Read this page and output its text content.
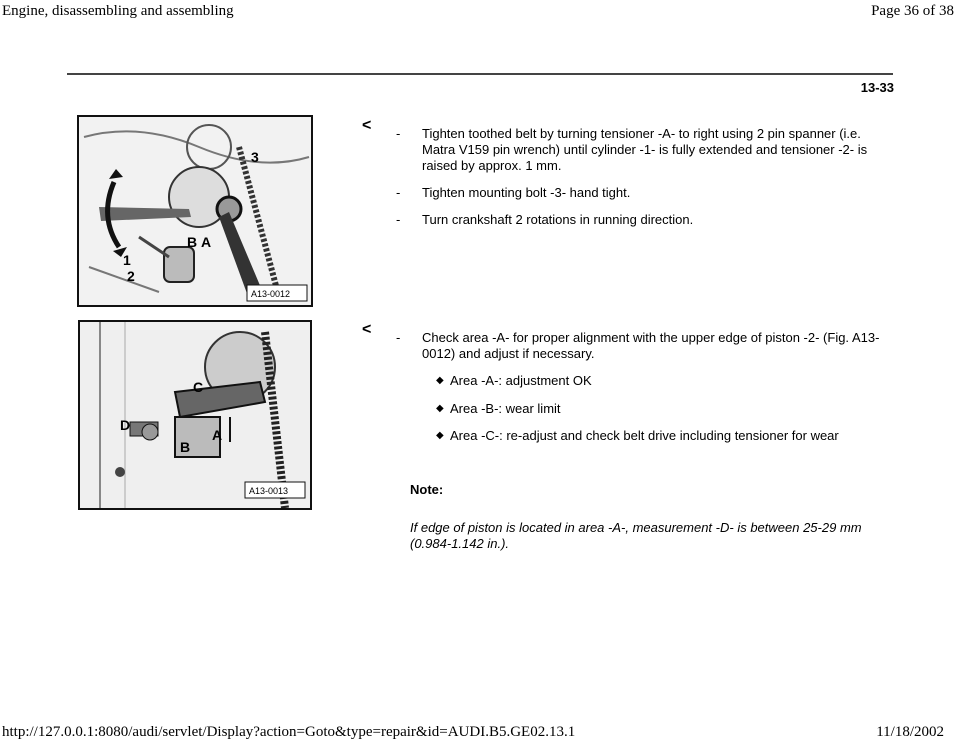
Engine, disassembling and assembling	Page 36 of 38
13-33
A13-0012
3
B A
1
2
< - Tighten toothed belt by turning tensioner -A- to right using 2 pin spanner (i.e. Matra V159 pin wrench) until cylinder -1- is fully extended and tensioner -2- is raised by approx. 1 mm.
- Tighten mounting bolt -3- hand tight.
- Turn crankshaft 2 rotations in running direction.
A13-0013
C
D
A
B
< - Check area -A- for proper alignment with the upper edge of piston -2- (Fig. A13-0012) and adjust if necessary.
◆ Area -A-: adjustment OK
◆ Area -B-: wear limit
◆ Area -C-: re-adjust and check belt drive including tensioner for wear
Note:
If edge of piston is located in area -A-, measurement -D- is between 25-29 mm (0.984-1.142 in.).
http://127.0.0.1:8080/audi/servlet/Display?action=Goto&type=repair&id=AUDI.B5.GE02.13.1	11/18/2002
